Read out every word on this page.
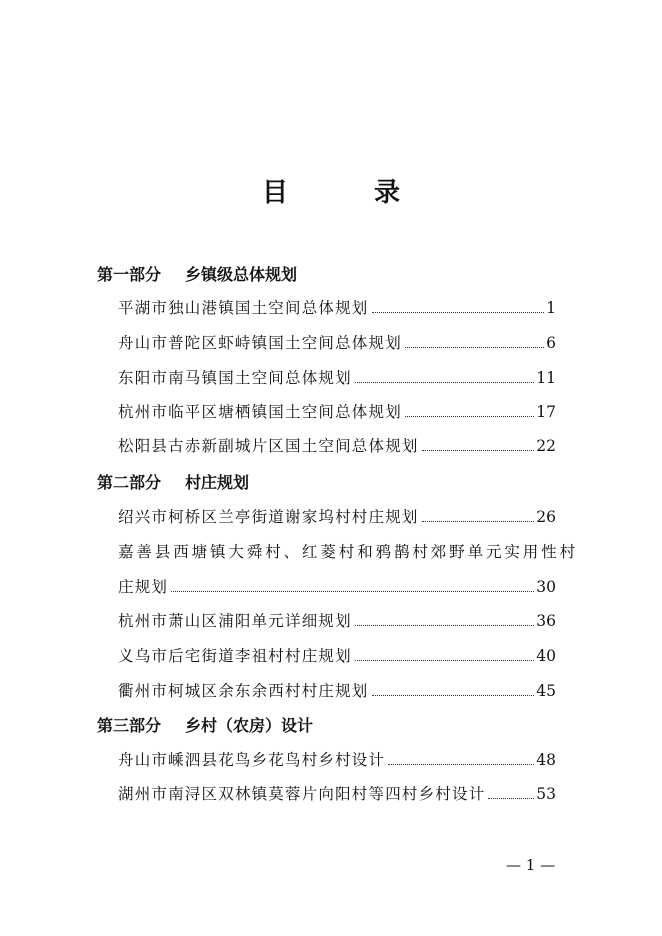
目　录
第一部分 乡镇级总体规划
平湖市独山港镇国土空间总体规划	1
舟山市普陀区虾峙镇国土空间总体规划	6
东阳市南马镇国土空间总体规划	11
杭州市临平区塘栖镇国土空间总体规划	17
松阳县古赤新副城片区国土空间总体规划	22
第二部分 村庄规划
绍兴市柯桥区兰亭街道谢家坞村村庄规划	26
嘉善县西塘镇大舜村、红菱村和鸦鹊村郊野单元实用性村
庄规划	30
杭州市萧山区浦阳单元详细规划	36
义乌市后宅街道李祖村村庄规划	40
衢州市柯城区余东余西村村庄规划	45
第三部分 乡村（农房）设计
舟山市嵊泗县花鸟乡花鸟村乡村设计	48
湖州市南浔区双林镇莫蓉片向阳村等四村乡村设计	53
— 1 —
